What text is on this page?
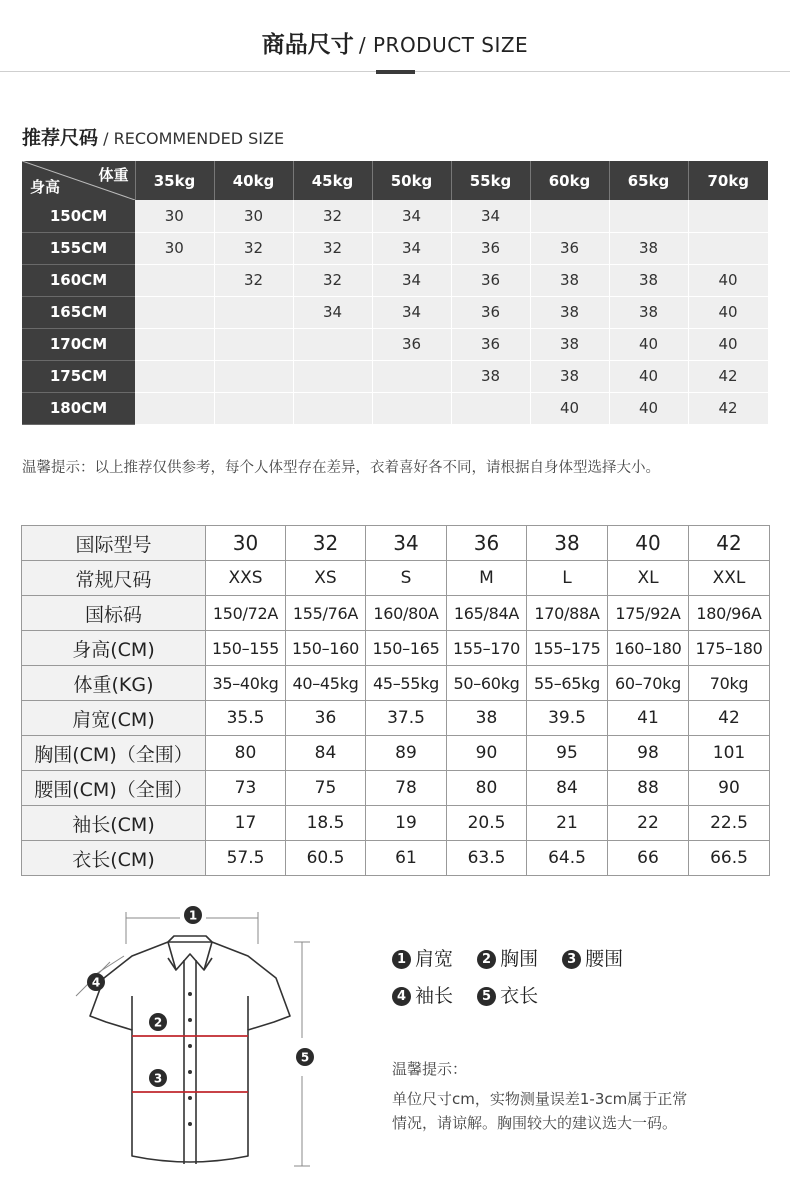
商品尺寸 / PRODUCT SIZE
推荐尺码 / RECOMMENDED SIZE
体重
身高	35kg	40kg	45kg	50kg	55kg	60kg	65kg	70kg
150CM	30	30	32	34	34			
155CM	30	32	32	34	36	36	38	
160CM		32	32	34	36	38	38	40
165CM			34	34	36	38	38	40
170CM				36	36	38	40	40
175CM					38	38	40	42
180CM						40	40	42
温馨提示：以上推荐仅供参考，每个人体型存在差异，衣着喜好各不同，请根据自身体型选择大小。
国际型号	30	32	34	36	38	40	42
常规尺码	XXS	XS	S	M	L	XL	XXL
国标码	150/72A	155/76A	160/80A	165/84A	170/88A	175/92A	180/96A
身高(CM)	150–155	150–160	150–165	155–170	155–175	160–180	175–180
体重(KG)	35–40kg	40–45kg	45–55kg	50–60kg	55–65kg	60–70kg	70kg
肩宽(CM)	35.5	36	37.5	38	39.5	41	42
胸围(CM)（全围）	80	84	89	90	95	98	101
腰围(CM)（全围）	73	75	78	80	84	88	90
袖长(CM)	17	18.5	19	20.5	21	22	22.5
衣长(CM)	57.5	60.5	61	63.5	64.5	66	66.5
1
2
3
4
5
1 肩宽 2 胸围 3 腰围
4 袖长 5 衣长
温馨提示：
单位尺寸cm，实物测量误差1-3cm属于正常
情况，请谅解。胸围较大的建议选大一码。
